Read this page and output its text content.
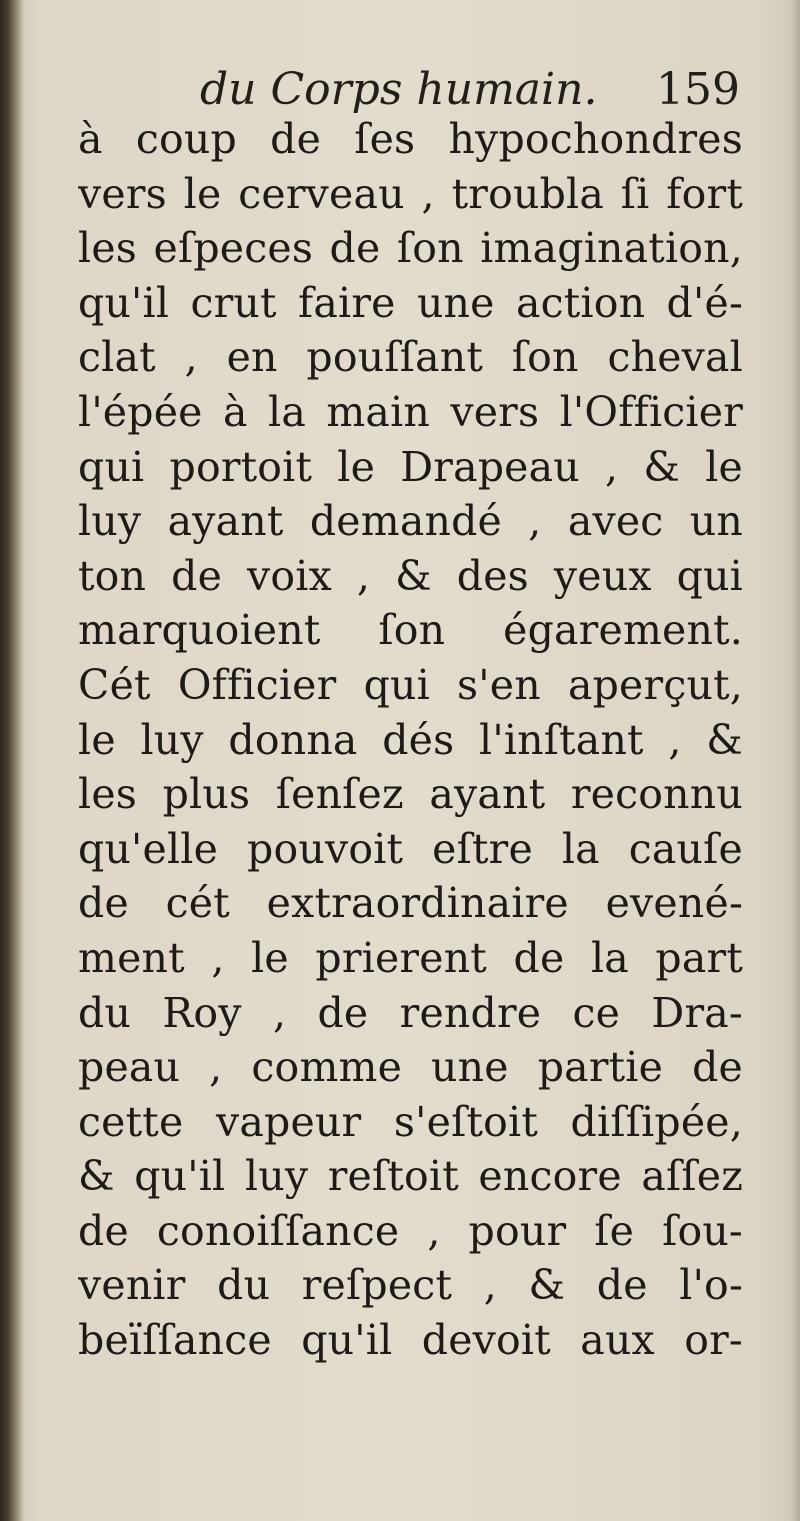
du Corps humain. 159
à coup de ſes hypochondres
vers le cerveau , troubla ſi fort
les eſpeces de ſon imagination,
qu'il crut faire une action d'é-
clat , en pouſſant ſon cheval
l'épée à la main vers l'Officier
qui portoit le Drapeau , & le
luy ayant demandé , avec un
ton de voix , & des yeux qui
marquoient ſon égarement.
Cét Officier qui s'en aperçut,
le luy donna dés l'inſtant , &
les plus ſenſez ayant reconnu
qu'elle pouvoit eſtre la cauſe
de cét extraordinaire evené-
ment , le prierent de la part
du Roy , de rendre ce Dra-
peau , comme une partie de
cette vapeur s'eſtoit diſſipée,
& qu'il luy reſtoit encore aſſez
de conoiſſance , pour ſe ſou-
venir du reſpect , & de l'o-
beïſſance qu'il devoit aux or-
